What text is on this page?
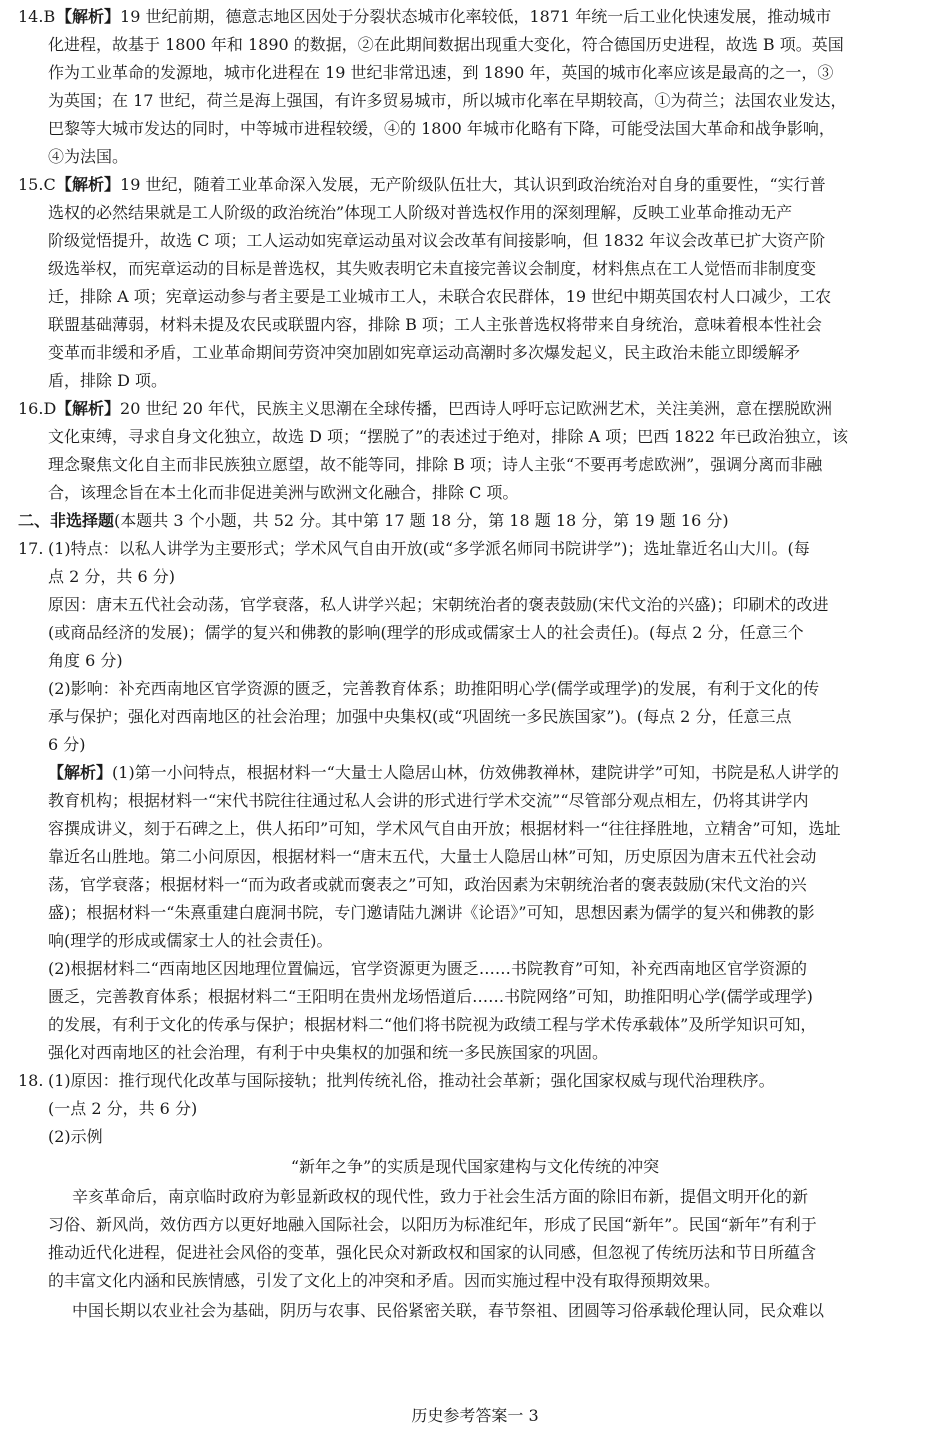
14.B 【解析】19 世纪前期，德意志地区因处于分裂状态城市化率较低，1871 年统一后工业化快速发展，推动城市
化进程，故基于 1800 年和 1890 的数据，②在此期间数据出现重大变化，符合德国历史进程，故选 B 项。英国
作为工业革命的发源地，城市化进程在 19 世纪非常迅速，到 1890 年，英国的城市化率应该是最高的之一，③
为英国；在 17 世纪，荷兰是海上强国，有许多贸易城市，所以城市化率在早期较高，①为荷兰；法国农业发达，
巴黎等大城市发达的同时，中等城市进程较缓，④的 1800 年城市化略有下降，可能受法国大革命和战争影响，
④为法国。
15.C 【解析】19 世纪，随着工业革命深入发展，无产阶级队伍壮大，其认识到政治统治对自身的重要性，“实行普
选权的必然结果就是工人阶级的政治统治”体现工人阶级对普选权作用的深刻理解，反映工业革命推动无产
阶级觉悟提升，故选 C 项；工人运动如宪章运动虽对议会改革有间接影响，但 1832 年议会改革已扩大资产阶
级选举权，而宪章运动的目标是普选权，其失败表明它未直接完善议会制度，材料焦点在工人觉悟而非制度变
迁，排除 A 项；宪章运动参与者主要是工业城市工人，未联合农民群体，19 世纪中期英国农村人口减少，工农
联盟基础薄弱，材料未提及农民或联盟内容，排除 B 项；工人主张普选权将带来自身统治，意味着根本性社会
变革而非缓和矛盾，工业革命期间劳资冲突加剧如宪章运动高潮时多次爆发起义，民主政治未能立即缓解矛
盾，排除 D 项。
16.D 【解析】20 世纪 20 年代，民族主义思潮在全球传播，巴西诗人呼吁忘记欧洲艺术，关注美洲，意在摆脱欧洲
文化束缚，寻求自身文化独立，故选 D 项；“摆脱了”的表述过于绝对，排除 A 项；巴西 1822 年已政治独立，该
理念聚焦文化自主而非民族独立愿望，故不能等同，排除 B 项；诗人主张“不要再考虑欧洲”，强调分离而非融
合，该理念旨在本土化而非促进美洲与欧洲文化融合，排除 C 项。
二、非选择题(本题共 3 个小题，共 52 分。其中第 17 题 18 分，第 18 题 18 分，第 19 题 16 分)
17. (1)特点：以私人讲学为主要形式；学术风气自由开放(或“多学派名师同书院讲学”)；选址靠近名山大川。(每
点 2 分，共 6 分)
原因：唐末五代社会动荡，官学衰落，私人讲学兴起；宋朝统治者的褒表鼓励(宋代文治的兴盛)；印刷术的改进
(或商品经济的发展)；儒学的复兴和佛教的影响(理学的形成或儒家士人的社会责任)。(每点 2 分，任意三个
角度 6 分)
(2)影响：补充西南地区官学资源的匮乏，完善教育体系；助推阳明心学(儒学或理学)的发展，有利于文化的传
承与保护；强化对西南地区的社会治理；加强中央集权(或“巩固统一多民族国家”)。(每点 2 分，任意三点
6 分)
【解析】(1)第一小问特点，根据材料一“大量士人隐居山林，仿效佛教禅林，建院讲学”可知，书院是私人讲学的
教育机构；根据材料一“宋代书院往往通过私人会讲的形式进行学术交流”“尽管部分观点相左，仍将其讲学内
容撰成讲义，刻于石碑之上，供人拓印”可知，学术风气自由开放；根据材料一“往往择胜地，立精舍”可知，选址
靠近名山胜地。第二小问原因，根据材料一“唐末五代，大量士人隐居山林”可知，历史原因为唐末五代社会动
荡，官学衰落；根据材料一“而为政者或就而褒表之”可知，政治因素为宋朝统治者的褒表鼓励(宋代文治的兴
盛)；根据材料一“朱熹重建白鹿洞书院，专门邀请陆九渊讲《论语》”可知，思想因素为儒学的复兴和佛教的影
响(理学的形成或儒家士人的社会责任)。
(2)根据材料二“西南地区因地理位置偏远，官学资源更为匮乏……书院教育”可知，补充西南地区官学资源的
匮乏，完善教育体系；根据材料二“王阳明在贵州龙场悟道后……书院网络”可知，助推阳明心学(儒学或理学)
的发展，有利于文化的传承与保护；根据材料二“他们将书院视为政绩工程与学术传承载体”及所学知识可知，
强化对西南地区的社会治理，有利于中央集权的加强和统一多民族国家的巩固。
18. (1)原因：推行现代化改革与国际接轨；批判传统礼俗，推动社会革新；强化国家权威与现代治理秩序。
(一点 2 分，共 6 分)
(2)示例
“新年之争”的实质是现代国家建构与文化传统的冲突
辛亥革命后，南京临时政府为彰显新政权的现代性，致力于社会生活方面的除旧布新，提倡文明开化的新
习俗、新风尚，效仿西方以更好地融入国际社会，以阳历为标准纪年，形成了民国“新年”。民国“新年”有利于
推动近代化进程，促进社会风俗的变革，强化民众对新政权和国家的认同感，但忽视了传统历法和节日所蕴含
的丰富文化内涵和民族情感，引发了文化上的冲突和矛盾。因而实施过程中没有取得预期效果。
中国长期以农业社会为基础，阴历与农事、民俗紧密关联，春节祭祖、团圆等习俗承载伦理认同，民众难以
历史参考答案一 3
